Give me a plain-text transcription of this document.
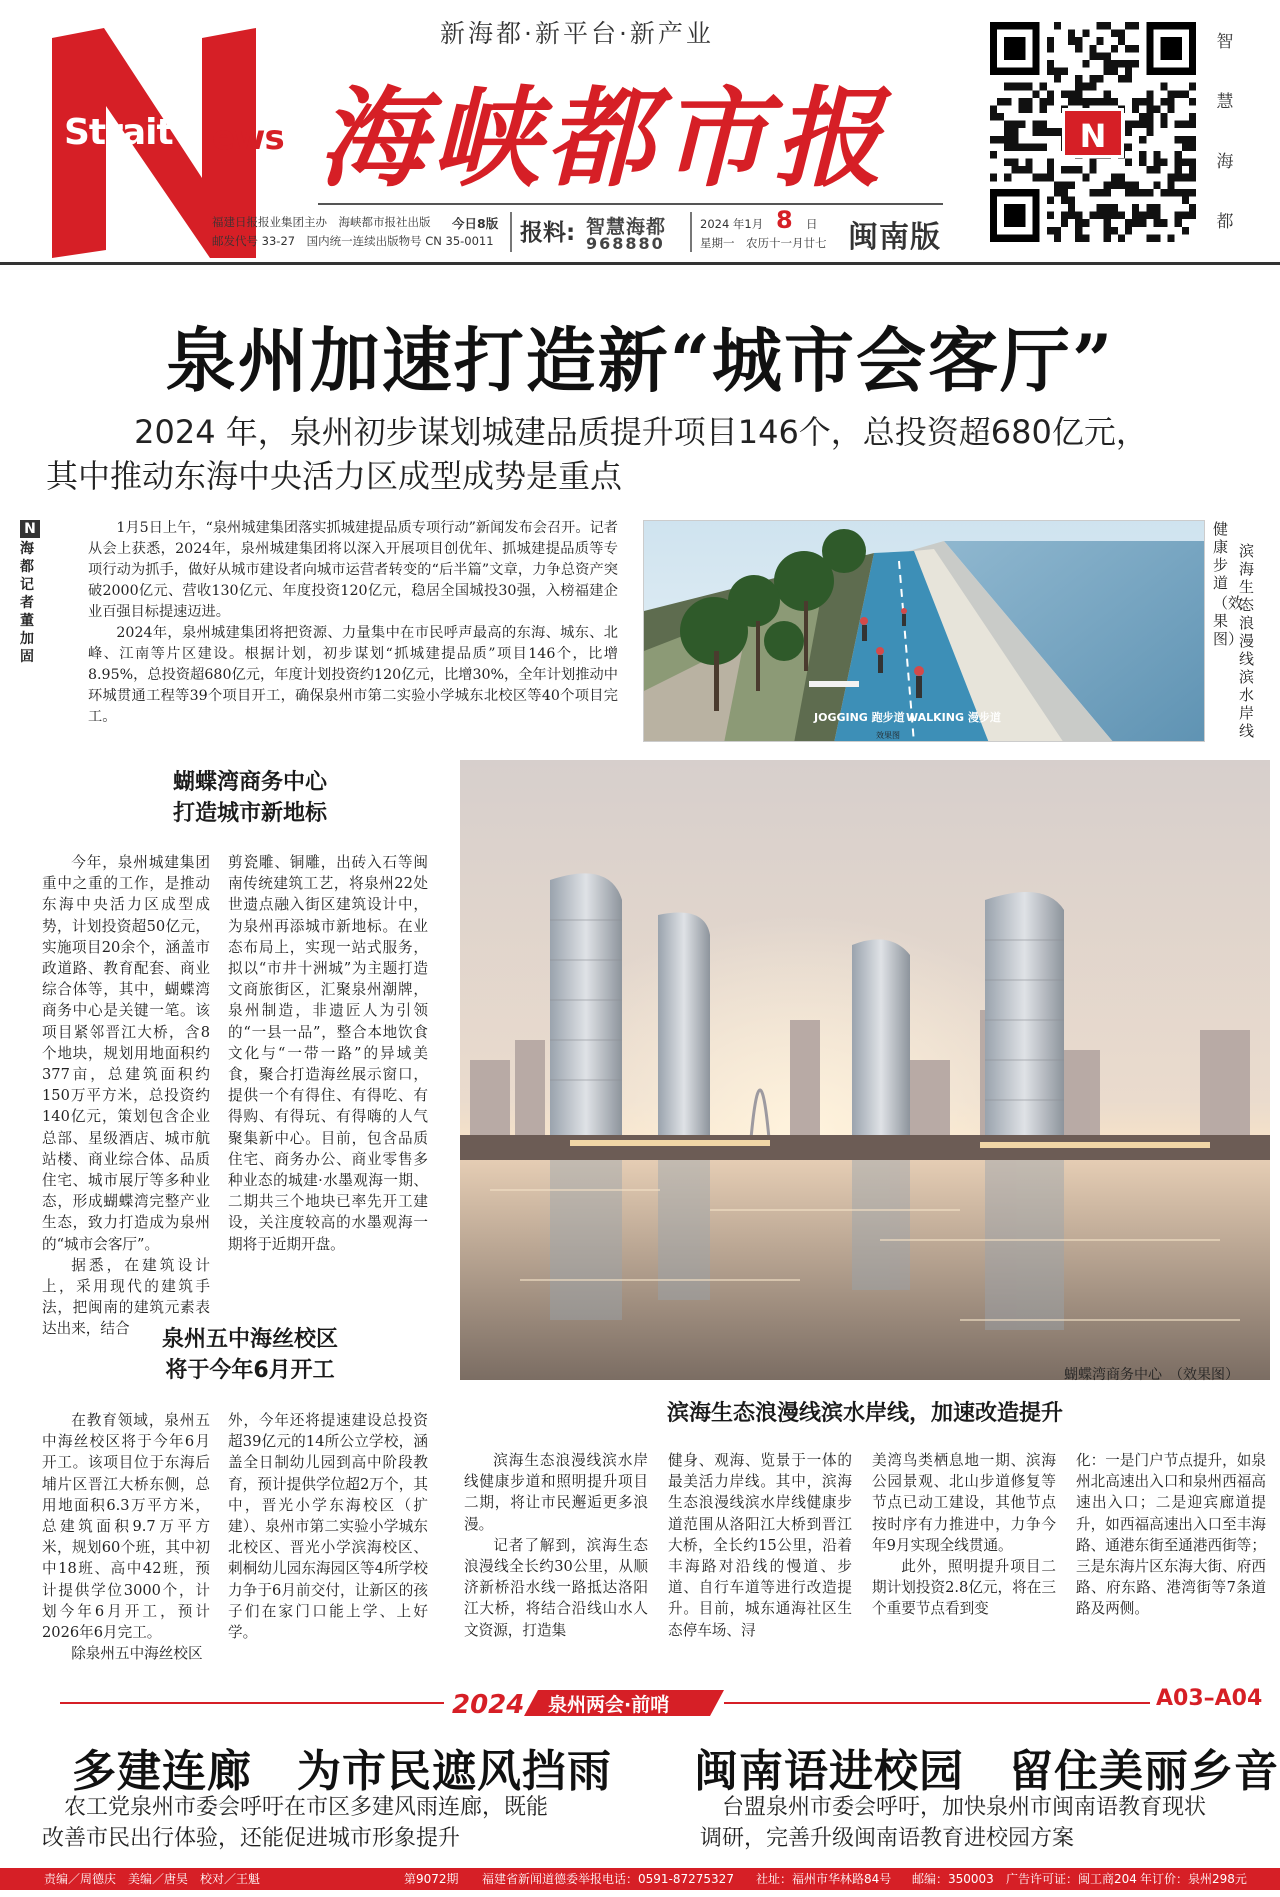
Strait ews
新海都·新平台·新产业
海峡都市报
福建日报报业集团主办　海峡都市报社出版
邮发代号 33-27　国内统一连续出版物号 CN 35-0011
今日8版 报料: 智慧海都
968880
2024 年1月 8 日
星期一　农历十一月廿七 闽南版
N
智
慧
海
都
泉州加速打造新“城市会客厅”
2024 年，泉州初步谋划城建品质提升项目146个，总投资超680亿元，
其中推动东海中央活力区成型成势是重点
N
海都记者　董加固

1月5日上午，“泉州城建集团落实抓城建提品质专项行动”新闻发布会召开。记者从会上获悉，2024年，泉州城建集团将以深入开展项目创优年、抓城建提品质等专项行动为抓手，做好从城市建设者向城市运营者转变的“后半篇”文章，力争总资产突破2000亿元、营收130亿元、年度投资120亿元，稳居全国城投30强，入榜福建企业百强目标提速迈进。

2024年，泉州城建集团将把资源、力量集中在市民呼声最高的东海、城东、北峰、江南等片区建设。根据计划，初步谋划“抓城建提品质”项目146个，比增8.95%，总投资超680亿元，年度计划投资约120亿元，比增30%，全年计划推动中环城贯通工程等39个项目开工，确保泉州市第二实验小学城东北校区等40个项目完工。	JOGGING 跑步道 WALKING 漫步道
效果图
健康步道
（效果图）
滨海生态浪漫线滨水岸线
蝴蝶湾商务中心
打造城市新地标

今年，泉州城建集团重中之重的工作，是推动东海中央活力区成型成势，计划投资超50亿元，实施项目20余个，涵盖市政道路、教育配套、商业综合体等，其中，蝴蝶湾商务中心是关键一笔。该项目紧邻晋江大桥，含8个地块，规划用地面积约377亩，总建筑面积约150万平方米，总投资约140亿元，策划包含企业总部、星级酒店、城市航站楼、商业综合体、品质住宅、城市展厅等多种业态，形成蝴蝶湾完整产业生态，致力打造成为泉州的“城市会客厅”。

据悉，在建筑设计上，采用现代的建筑手法，把闽南的建筑元素表达出来，结合

剪瓷雕、铜雕，出砖入石等闽南传统建筑工艺，将泉州22处世遗点融入街区建筑设计中，为泉州再添城市新地标。在业态布局上，实现一站式服务，拟以“市井十洲城”为主题打造文商旅街区，汇聚泉州潮牌，泉州制造，非遗匠人为引领的“一县一品”，整合本地饮食文化与“一带一路”的异域美食，聚合打造海丝展示窗口，提供一个有得住、有得吃、有得购、有得玩、有得嗨的人气聚集新中心。目前，包含品质住宅、商务办公、商业零售多种业态的城建·水墨观海一期、二期共三个地块已率先开工建设，关注度较高的水墨观海一期将于近期开盘。

蝴蝶湾商务中心　（效果图）
泉州五中海丝校区
将于今年6月开工

在教育领域，泉州五中海丝校区将于今年6月开工。该项目位于东海后埔片区晋江大桥东侧，总用地面积6.3万平方米，总建筑面积9.7万平方米，规划60个班，其中初中18班、高中42班，预计提供学位3000个，计划今年6月开工，预计2026年6月完工。

除泉州五中海丝校区

外，今年还将提速建设总投资超39亿元的14所公立学校，涵盖全日制幼儿园到高中阶段教育，预计提供学位超2万个，其中，晋光小学东海校区（扩建）、泉州市第二实验小学城东北校区、晋光小学滨海校区、刺桐幼儿园东海园区等4所学校力争于6月前交付，让新区的孩子们在家门口能上学、上好学。

滨海生态浪漫线滨水岸线，加速改造提升

滨海生态浪漫线滨水岸线健康步道和照明提升项目二期，将让市民邂逅更多浪漫。

记者了解到，滨海生态浪漫线全长约30公里，从顺济新桥沿水线一路抵达洛阳江大桥，将结合沿线山水人文资源，打造集

健身、观海、览景于一体的最美活力岸线。其中，滨海生态浪漫线滨水岸线健康步道范围从洛阳江大桥到晋江大桥，全长约15公里，沿着丰海路对沿线的慢道、步道、自行车道等进行改造提升。目前，城东通海社区生态停车场、浔

美湾鸟类栖息地一期、滨海公园景观、北山步道修复等节点已动工建设，其他节点按时序有力推进中，力争今年9月实现全线贯通。

此外，照明提升项目二期计划投资2.8亿元，将在三个重要节点看到变

化：一是门户节点提升，如泉州北高速出入口和泉州西福高速出入口；二是迎宾廊道提升，如西福高速出入口至丰海路、通港东街至通港西街等；三是东海片区东海大街、府西路、府东路、港湾街等7条道路及两侧。

2024 泉州两会·前哨	A03–A04
多建连廊　为市民遮风挡雨
农工党泉州市委会呼吁在市区多建风雨连廊，既能
改善市民出行体验，还能促进城市形象提升
闽南语进校园　留住美丽乡音
台盟泉州市委会呼吁，加快泉州市闽南语教育现状
调研，完善升级闽南语教育进校园方案
责编／周德庆　美编／唐昊　校对／王魁	第9072期 福建省新闻道德委举报电话：0591-87275327 社址：福州市华林路84号 邮编：350003 广告许可证：闽工商204 年订价：泉州298元
